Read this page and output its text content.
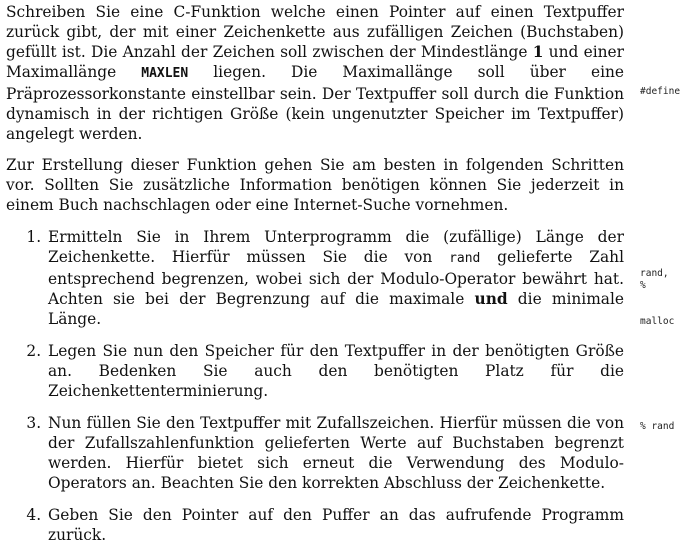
Schreiben Sie eine C-Funktion welche einen Pointer auf einen Textpuffer zurück gibt, der mit einer Zeichenkette aus zufälligen Zeichen (Buchstaben) gefüllt ist. Die Anzahl der Zeichen soll zwischen der Mindestlänge 1 und einer Maximallänge MAXLEN liegen. Die Maximallänge soll über eine Präprozessorkonstante einstellbar sein. Der Textpuffer soll durch die Funktion dynamisch in der richtigen Größe (kein ungenutzter Speicher im Textpuffer) angelegt werden.

Zur Erstellung dieser Funktion gehen Sie am besten in folgenden Schritten vor. Sollten Sie zusätzliche Information benötigen können Sie jederzeit in einem Buch nachschlagen oder eine Internet-Suche vornehmen.

1. Ermitteln Sie in Ihrem Unterprogramm die (zufällige) Länge der Zeichenkette. Hierfür müssen Sie die von rand gelieferte Zahl entsprechend begrenzen, wobei sich der Modulo-Operator bewährt hat. Achten sie bei der Begrenzung auf die maximale und die minimale Länge.
2. Legen Sie nun den Speicher für den Textpuffer in der benötigten Größe an. Bedenken Sie auch den benötigten Platz für die Zeichenkettenterminierung.
3. Nun füllen Sie den Textpuffer mit Zufallszeichen. Hierfür müssen die von der Zufallszahlenfunktion gelieferten Werte auf Buchstaben begrenzt werden. Hierfür bietet sich erneut die Verwendung des Modulo-Operators an. Beachten Sie den korrekten Abschluss der Zeichenkette.
4. Geben Sie den Pointer auf den Puffer an das aufrufende Programm zurück.
#define
rand,
%
malloc
% rand
